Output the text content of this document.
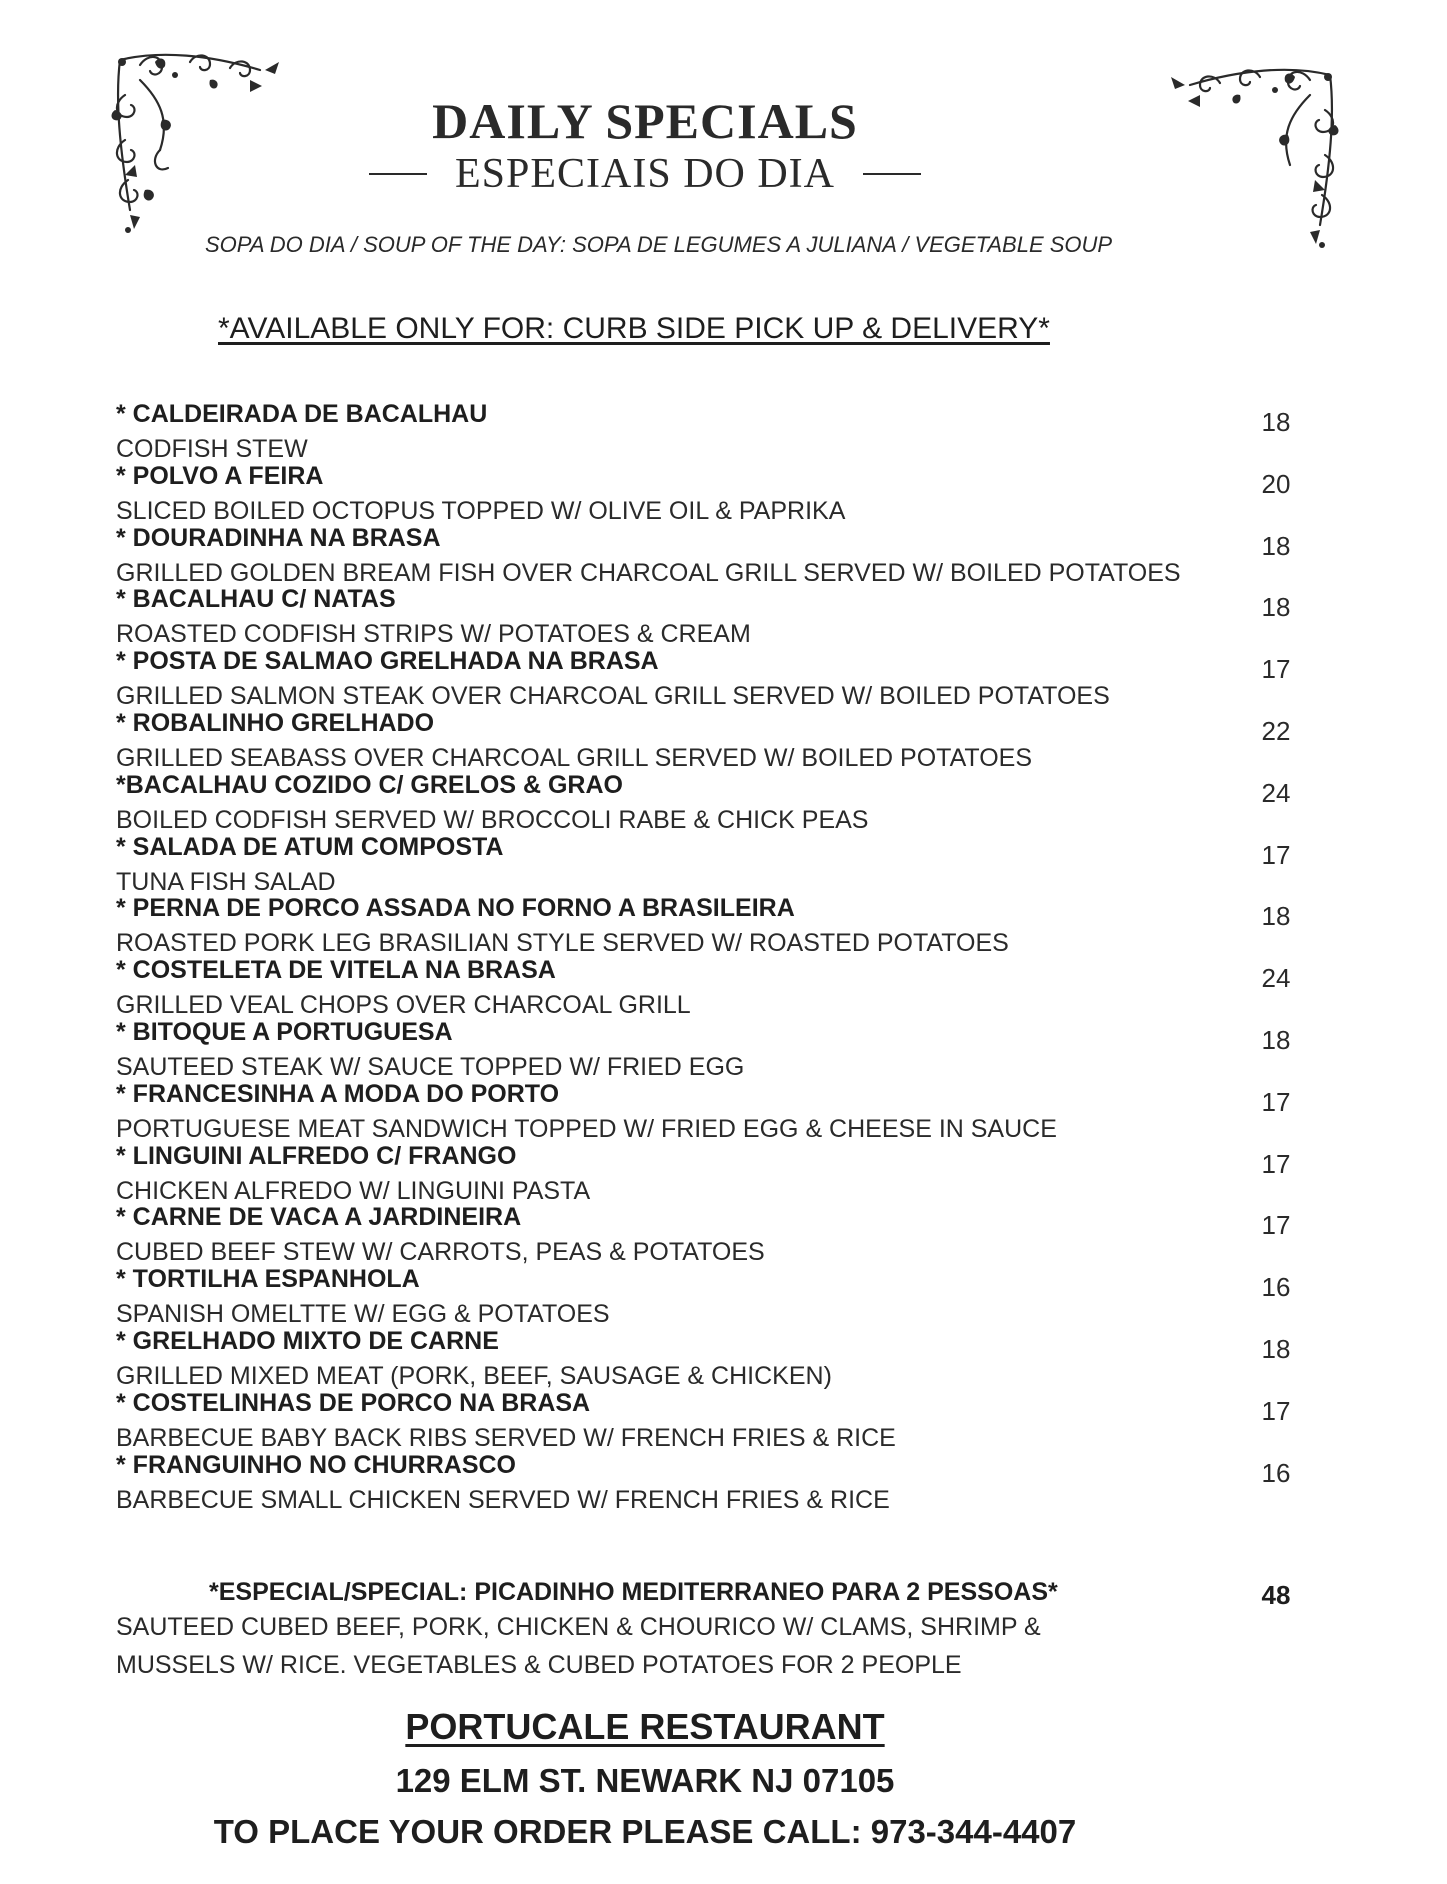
DAILY SPECIALS
ESPECIAIS DO DIA
SOPA DO DIA / SOUP OF THE DAY: SOPA DE LEGUMES A JULIANA / VEGETABLE SOUP
*AVAILABLE ONLY FOR: CURB SIDE PICK UP & DELIVERY*
* CALDEIRADA DE BACALHAU
CODFISH STEW
18
* POLVO A FEIRA
SLICED BOILED OCTOPUS TOPPED W/ OLIVE OIL & PAPRIKA
20
* DOURADINHA NA BRASA
GRILLED GOLDEN BREAM FISH OVER CHARCOAL GRILL SERVED W/ BOILED POTATOES
18
* BACALHAU C/ NATAS
ROASTED CODFISH STRIPS W/ POTATOES & CREAM
18
* POSTA DE SALMAO GRELHADA NA BRASA
GRILLED SALMON STEAK OVER CHARCOAL GRILL SERVED W/ BOILED POTATOES
17
* ROBALINHO GRELHADO
GRILLED SEABASS OVER CHARCOAL GRILL SERVED W/ BOILED POTATOES
22
*BACALHAU COZIDO C/ GRELOS & GRAO
BOILED CODFISH SERVED W/ BROCCOLI RABE & CHICK PEAS
24
* SALADA DE ATUM COMPOSTA
TUNA FISH SALAD
17
* PERNA DE PORCO ASSADA NO FORNO A BRASILEIRA
ROASTED PORK LEG BRASILIAN STYLE SERVED W/ ROASTED POTATOES
18
* COSTELETA DE VITELA NA BRASA
GRILLED VEAL CHOPS OVER CHARCOAL GRILL
24
* BITOQUE A PORTUGUESA
SAUTEED STEAK W/ SAUCE TOPPED W/ FRIED EGG
18
* FRANCESINHA A MODA DO PORTO
PORTUGUESE MEAT SANDWICH TOPPED W/ FRIED EGG & CHEESE IN SAUCE
17
* LINGUINI ALFREDO C/ FRANGO
CHICKEN ALFREDO W/ LINGUINI PASTA
17
* CARNE DE VACA A JARDINEIRA
CUBED BEEF STEW W/ CARROTS, PEAS & POTATOES
17
* TORTILHA ESPANHOLA
SPANISH OMELTTE W/ EGG & POTATOES
16
* GRELHADO MIXTO DE CARNE
GRILLED MIXED MEAT (PORK, BEEF, SAUSAGE & CHICKEN)
18
* COSTELINHAS DE PORCO NA BRASA
BARBECUE BABY BACK RIBS SERVED W/ FRENCH FRIES & RICE
17
* FRANGUINHO NO CHURRASCO
BARBECUE SMALL CHICKEN SERVED W/ FRENCH FRIES & RICE
16
*ESPECIAL/SPECIAL: PICADINHO MEDITERRANEO PARA 2 PESSOAS*	48
SAUTEED CUBED BEEF, PORK, CHICKEN & CHOURICO W/ CLAMS, SHRIMP &
MUSSELS W/ RICE. VEGETABLES & CUBED POTATOES FOR 2 PEOPLE
PORTUCALE RESTAURANT
129 ELM ST. NEWARK NJ 07105
TO PLACE YOUR ORDER PLEASE CALL: 973-344-4407
